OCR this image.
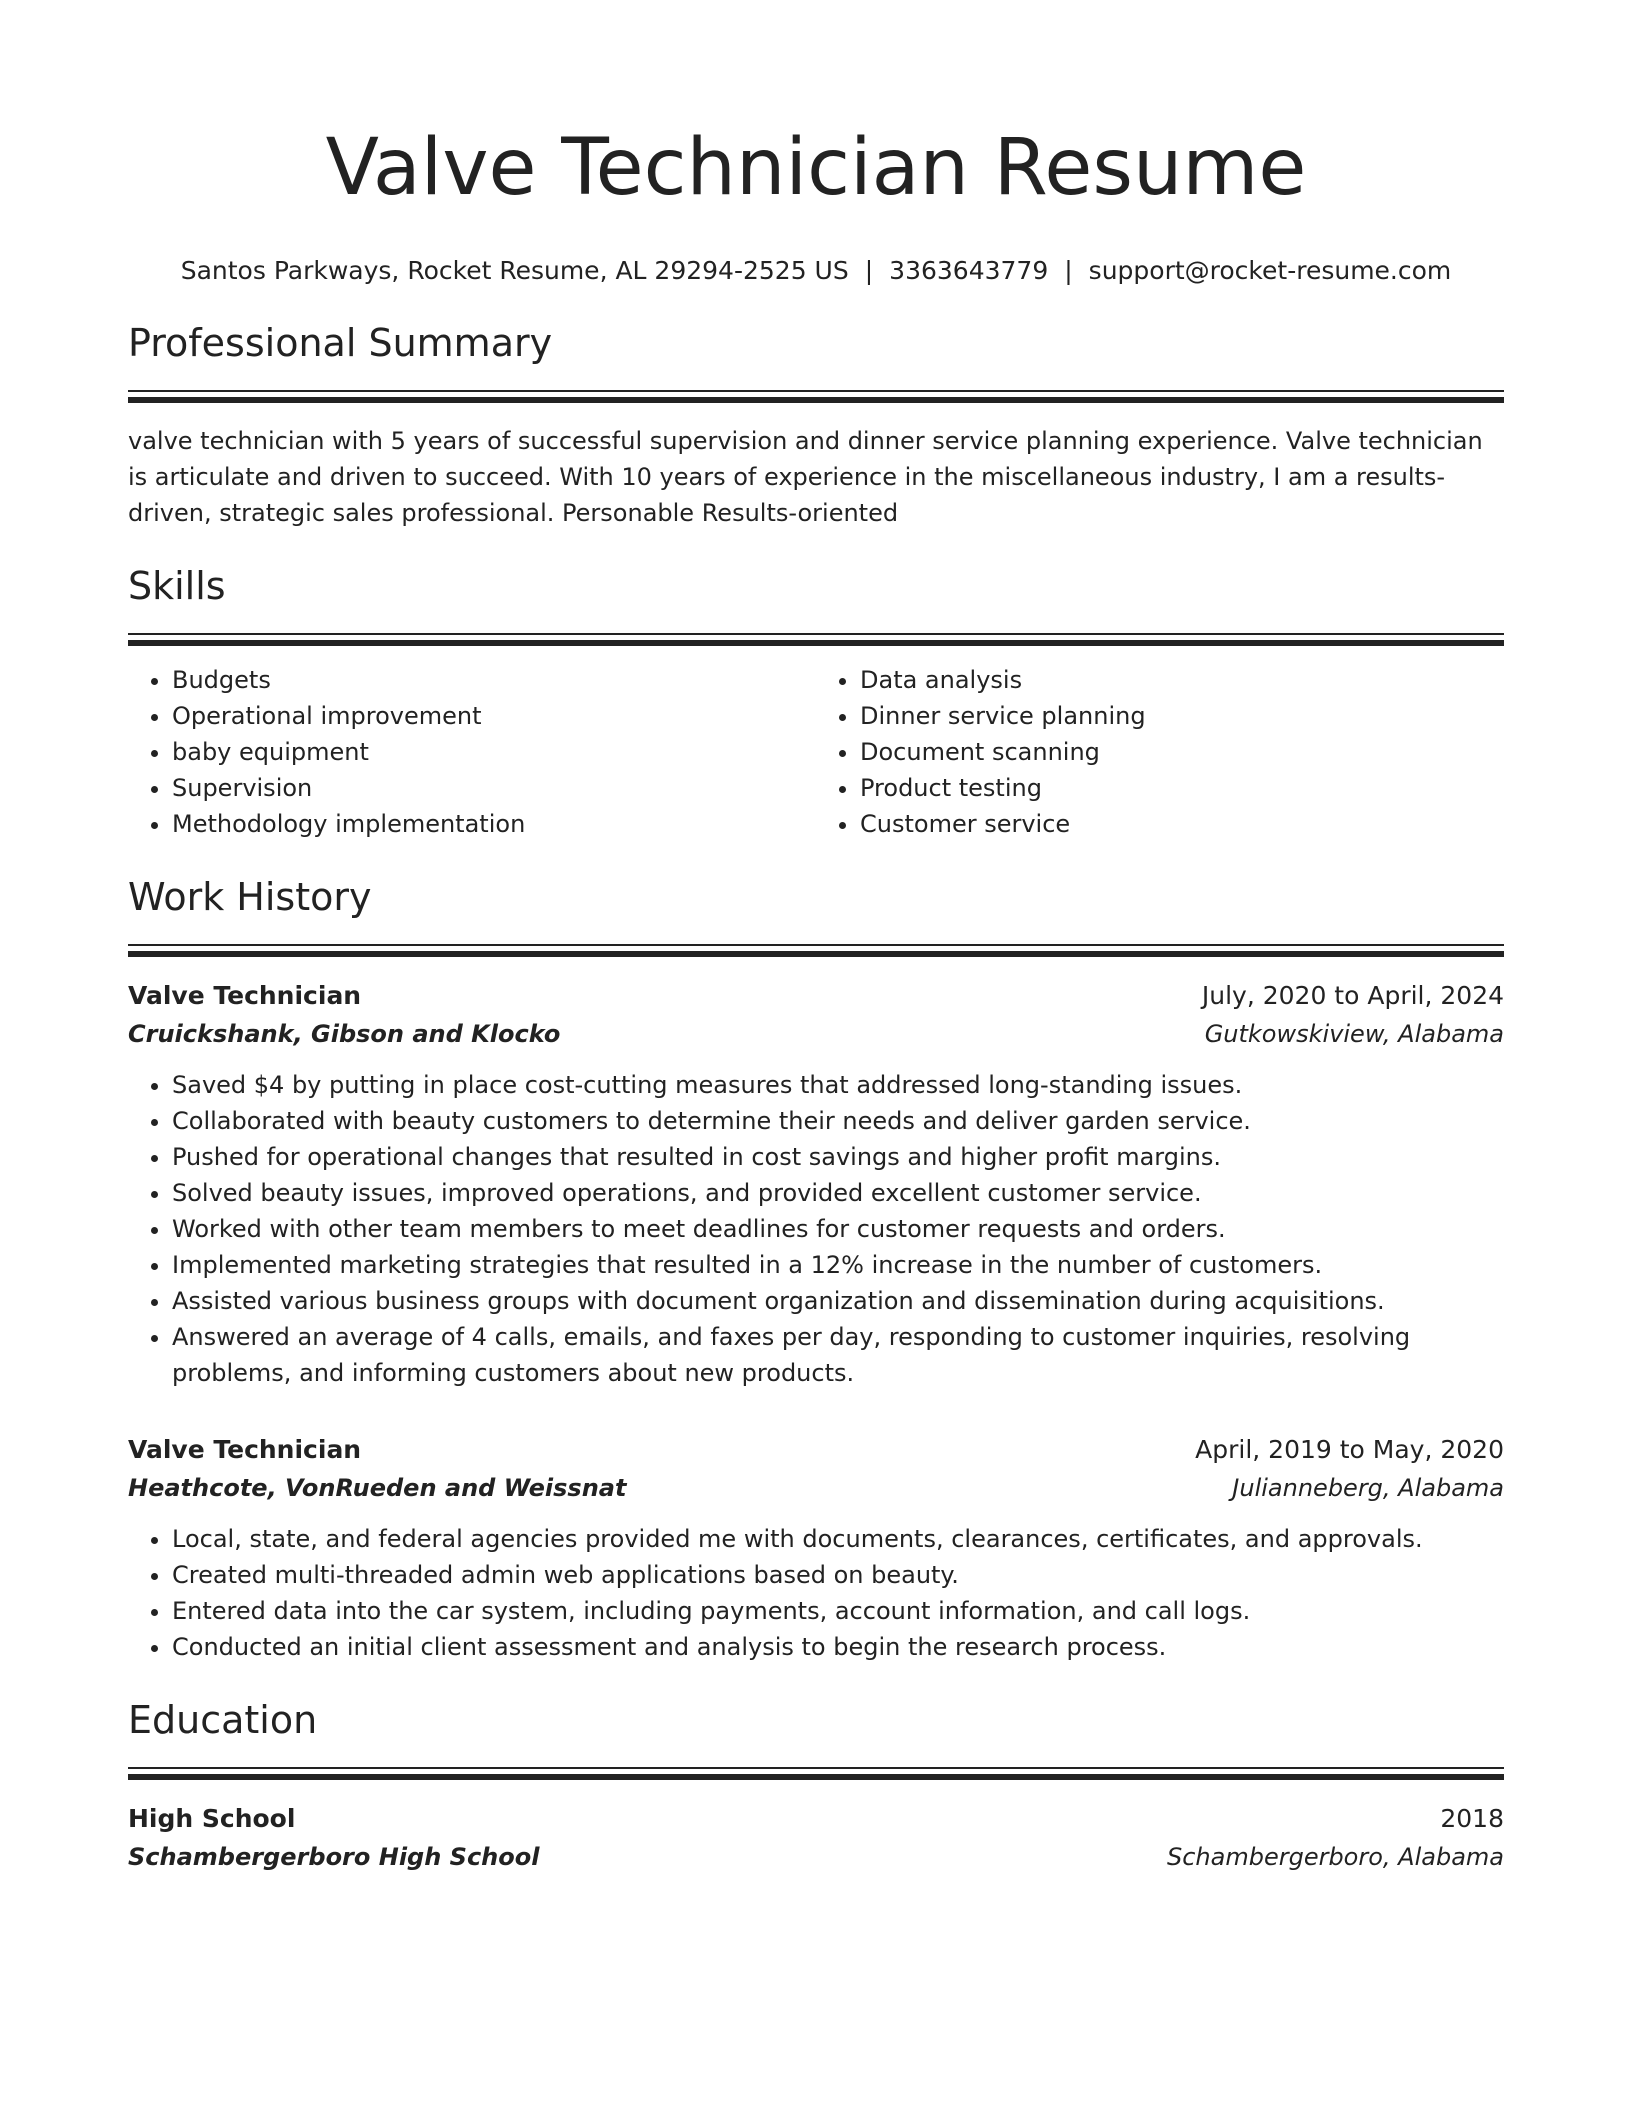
Valve Technician Resume
Santos Parkways, Rocket Resume, AL 29294-2525 US | 3363643779 | support@rocket-resume.com
Professional Summary
valve technician with 5 years of successful supervision and dinner service planning experience. Valve technician is articulate and driven to succeed. With 10 years of experience in the miscellaneous industry, I am a results-driven, strategic sales professional. Personable Results-oriented
Skills
• Budgets
• Operational improvement
• baby equipment
• Supervision
• Methodology implementation
• Data analysis
• Dinner service planning
• Document scanning
• Product testing
• Customer service
Work History
Valve Technician	July, 2020 to April, 2024
Cruickshank, Gibson and Klocko	Gutkowskiview, Alabama
• Saved $4 by putting in place cost-cutting measures that addressed long-standing issues.
• Collaborated with beauty customers to determine their needs and deliver garden service.
• Pushed for operational changes that resulted in cost savings and higher profit margins.
• Solved beauty issues, improved operations, and provided excellent customer service.
• Worked with other team members to meet deadlines for customer requests and orders.
• Implemented marketing strategies that resulted in a 12% increase in the number of customers.
• Assisted various business groups with document organization and dissemination during acquisitions.
• Answered an average of 4 calls, emails, and faxes per day, responding to customer inquiries, resolving problems, and informing customers about new products.
Valve Technician	April, 2019 to May, 2020
Heathcote, VonRueden and Weissnat	Julianneberg, Alabama
• Local, state, and federal agencies provided me with documents, clearances, certificates, and approvals.
• Created multi-threaded admin web applications based on beauty.
• Entered data into the car system, including payments, account information, and call logs.
• Conducted an initial client assessment and analysis to begin the research process.
Education
High School	2018
Schambergerboro High School	Schambergerboro, Alabama
